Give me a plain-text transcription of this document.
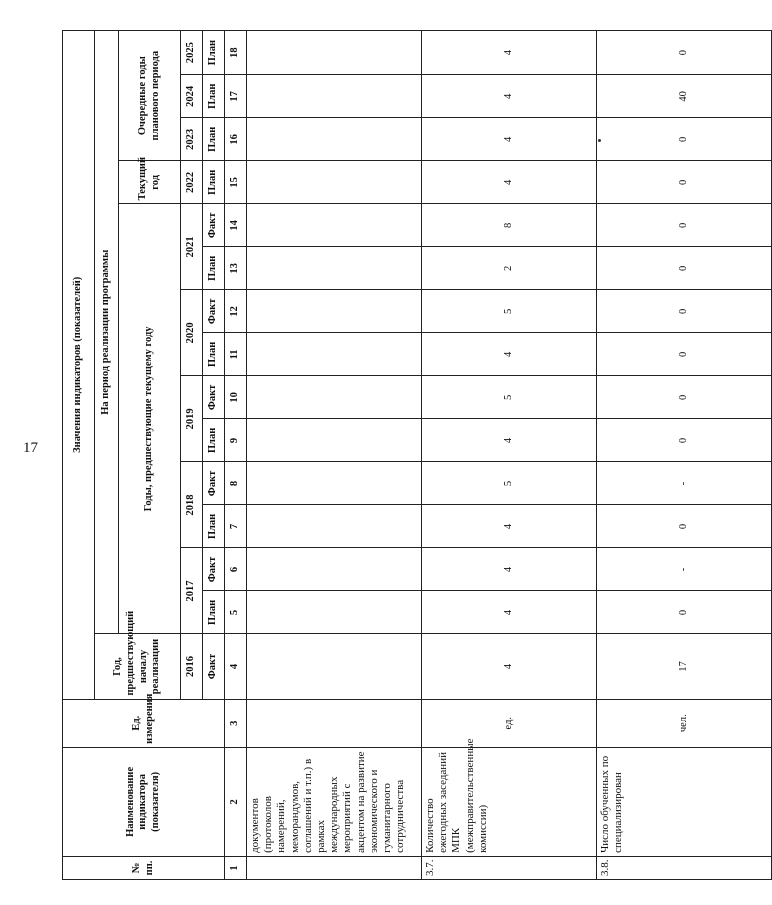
17
№ пп.	Наименование индикатора (показателя)	Ед. измерения	Значения индикаторов (показателей)														
			Год, предшествующий началу реализации	На период реализации программы													
				Годы, предшествующие текущему году										Текущий год	Очередные годы планового периода		
			2016	2017		2018		2019		2020		2021		2022	2023	2024	2025
			Факт	План	Факт	План	Факт	План	Факт	План	Факт	План	Факт	План	План	План	План
1	2	3	4	5	6	7	8	9	10	11	12	13	14	15	16	17	18
	документов (протоколов намерений, меморандумов, соглашений и т.п.) в рамках международных мероприятий с акцентом на развитие экономического и гуманитарного сотрудничества																
3.7.	Количество ежегодных заседаний МПК (межправительственные комиссии)	ед.	4	4	4	4	5	4	5	4	5	2	8	4	4	4	4
3.8.	Число обученных по специализирован	чел.	17	0	-	0	-	0	0	0	0	0	0	0	0	40	0
